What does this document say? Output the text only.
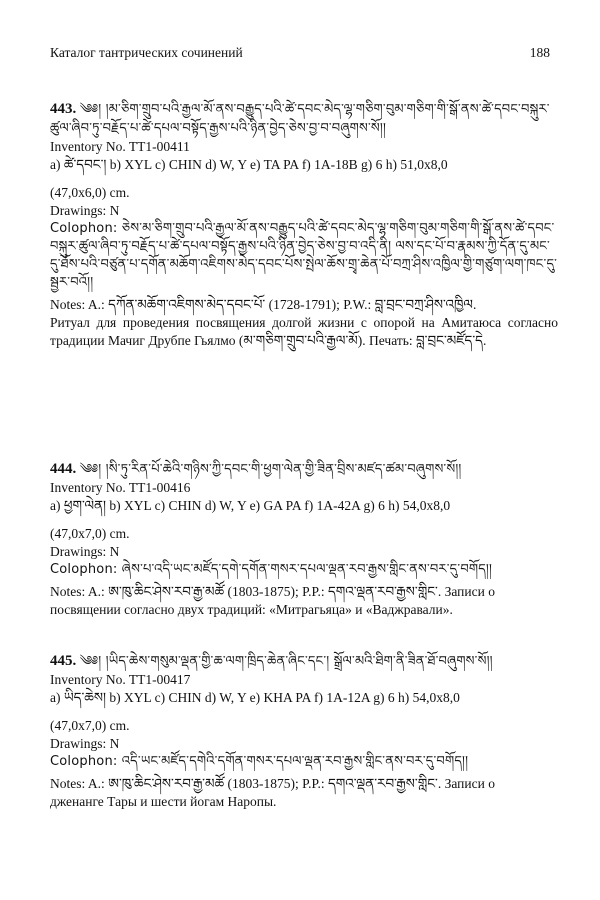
Каталог тантрических сочинений	188
443. ༄༅། །མ་ཅིག་གྲུབ་པའི་རྒྱལ་མོ་ནས་བརྒྱུད་པའི་ཚེ་དབང་མེད་ལྷ་གཅིག་བུམ་གཅིག་གི་སྒོ་ནས་ཚེ་དབང་བསྐུར་ཚུལ་ཞིབ་ཏུ་བརྗོད་པ་ཚེ་དཔལ་བསྟོད་རྒྱས་པའི་ཉིན་བྱེད་ཅེས་བྱ་བ་བཞུགས་སོ།།
Inventory No. TT1-00411
a) ཚེ་དབང་། b) XYL c) CHIN d) W, Y e) TA PA f) 1A-18B g) 6 h) 51,0x8,0
(47,0x6,0) cm.
Drawings: N
Colophon: ཅེས་མ་ཅིག་གྲུབ་པའི་རྒྱལ་མོ་ནས་བརྒྱུད་པའི་ཚེ་དབང་མེད་ལྷ་གཅིག་བུམ་གཅིག་གི་སྒོ་ནས་ཚེ་དབང་བསྐུར་ཚུལ་ཞིབ་ཏུ་བརྗོད་པ་ཚེ་དཔལ་བསྟོད་རྒྱས་པའི་ཉིན་བྱེད་ཅེས་བྱ་བ་འདི་ནི། ལས་དང་པོ་བ་རྣམས་ཀྱི་དོན་དུ་མང་དུ་ཐོས་པའི་བཙུན་པ་དགོན་མཆོག་འཇིགས་མེད་དབང་པོས་སྤེལ་ཆོས་གྲྭ་ཆེན་པོ་བཀྲ་ཤིས་འཁྱིལ་གྱི་གཙུག་ལག་ཁང་དུ་སྦྱར་བའོ།།
Notes: A.: དཀོན་མཆོག་འཇིགས་མེད་དབང་པོ་ (1728-1791); P.W.: བླ་བྲང་བཀྲ་ཤིས་འཁྱིལ.
Ритуал для проведения посвящения долгой жизни с опорой на Амитаюса согласно традиции Мачиг Друбпе Гьялмо (མ་གཅིག་གྲུབ་པའི་རྒྱལ་མོ). Печать: བླ་བྲང་མཛོད་དེ.
444. ༄༅། །སི་ཏུ་རིན་པོ་ཆེའི་གཉིས་ཀྱི་དབང་གི་ཕྱག་ལེན་གྱི་ཟིན་བྲིས་མཛད་ཚམ་བཞུགས་སོ།།
Inventory No. TT1-00416
a) ཕྱག་ལེན། b) XYL c) CHIN d) W, Y e) GA PA f) 1A-42A g) 6 h) 54,0x8,0
(47,0x7,0) cm.
Drawings: N
Colophon: ཞེས་པ་འདི་ཡང་མཛོད་དགེ་དགོན་གསར་དཔལ་ལྡན་རབ་རྒྱས་གླིང་ནས་བར་དུ་བགོད།།
Notes: A.: ཨ་ཁུ་ཆིང་ཤེས་རབ་རྒྱ་མཚོ (1803-1875); P.P.: དགའ་ལྡན་རབ་རྒྱས་གླིང་. Записи о
посвящении согласно двух традиций: «Митрагьяца» и «Ваджравали».
445. ༄༅། །ཡིད་ཆེས་གསུམ་ལྡན་གྱི་ཆ་ལག་ཁྲིད་ཆེན་ཞིང་དང་། སྒྲོལ་མའི་ཐིག་ནི་ཟིན་ཐོ་བཞུགས་སོ།།
Inventory No. TT1-00417
a) ཡིད་ཆེས། b) XYL c) CHIN d) W, Y e) KHA PA f) 1A-12A g) 6 h) 54,0x8,0
(47,0x7,0) cm.
Drawings: N
Colophon: འདི་ཡང་མཛོད་དགེའི་དགོན་གསར་དཔལ་ལྡན་རབ་རྒྱས་གླིང་ནས་བར་དུ་བགོད།།
Notes: A.: ཨ་ཁུ་ཆིང་ཤེས་རབ་རྒྱ་མཚོ (1803-1875); P.P.: དགའ་ལྡན་རབ་རྒྱས་གླིང་. Записи о
дженанге Тары и шести йогам Наропы.
